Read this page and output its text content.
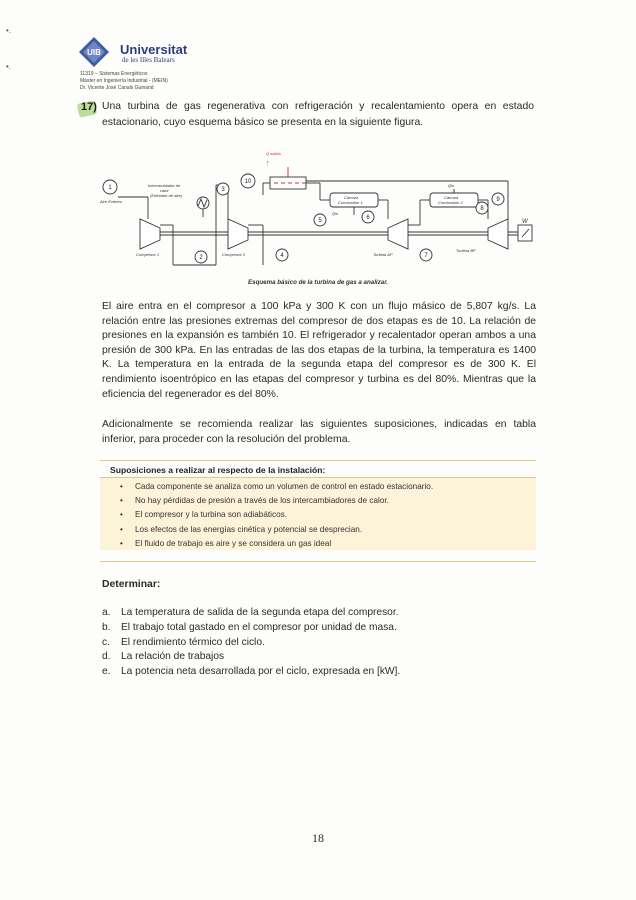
•.
•.
UIB Universitat
de les Illes Balears
11319 – Sistemas Energéticos
Máster en Ingeniería Industrial - (MEIN)
Dr. Vicente José Canals Guinand
17) Una turbina de gas regenerativa con refrigeración y recalentamiento opera en estado estacionario, cuyo esquema básico se presenta en la siguiente figura.
1
2
3
4
5	6
7
8
9
10
Q salida
↑
Intercambiador de
calor
(Enfriador de aire)
Aire Exterior
Compresor 1	Compresor 2
Cámara
Combustión 1
Cámara
Combustión 2
Turbina AP
Turbina BP
Q̇in
Q̇in
W
Esquema básico de la turbina de gas a analizar.
El aire entra en el compresor a 100 kPa y 300 K con un flujo másico de 5,807 kg/s. La relación entre las presiones extremas del compresor de dos etapas es de 10. La relación de presiones en la expansión es también 10. El refrigerador y recalentador operan ambos a una presión de 300 kPa. En las entradas de las dos etapas de la turbina, la temperatura es 1400 K. La temperatura en la entrada de la segunda etapa del compresor es de 300 K. El rendimiento isoentrópico en las etapas del compresor y turbina es del 80%. Mientras que la eficiencia del regenerador es del 80%.
Adicionalmente se recomienda realizar las siguientes suposiciones, indicadas en tabla inferior, para proceder con la resolución del problema.
Suposiciones a realizar al respecto de la instalación:
• Cada componente se analiza como un volumen de control en estado estacionario.
• No hay pérdidas de presión a través de los intercambiadores de calor.
• El compresor y la turbina son adiabáticos.
• Los efectos de las energías cinética y potencial se desprecian.
• El fluido de trabajo es aire y se considera un gas ideal
Determinar:
a.	La temperatura de salida de la segunda etapa del compresor.
b.	El trabajo total gastado en el compresor por unidad de masa.
c.	El rendimiento térmico del ciclo.
d.	La relación de trabajos
e.	La potencia neta desarrollada por el ciclo, expresada en [kW].
18
